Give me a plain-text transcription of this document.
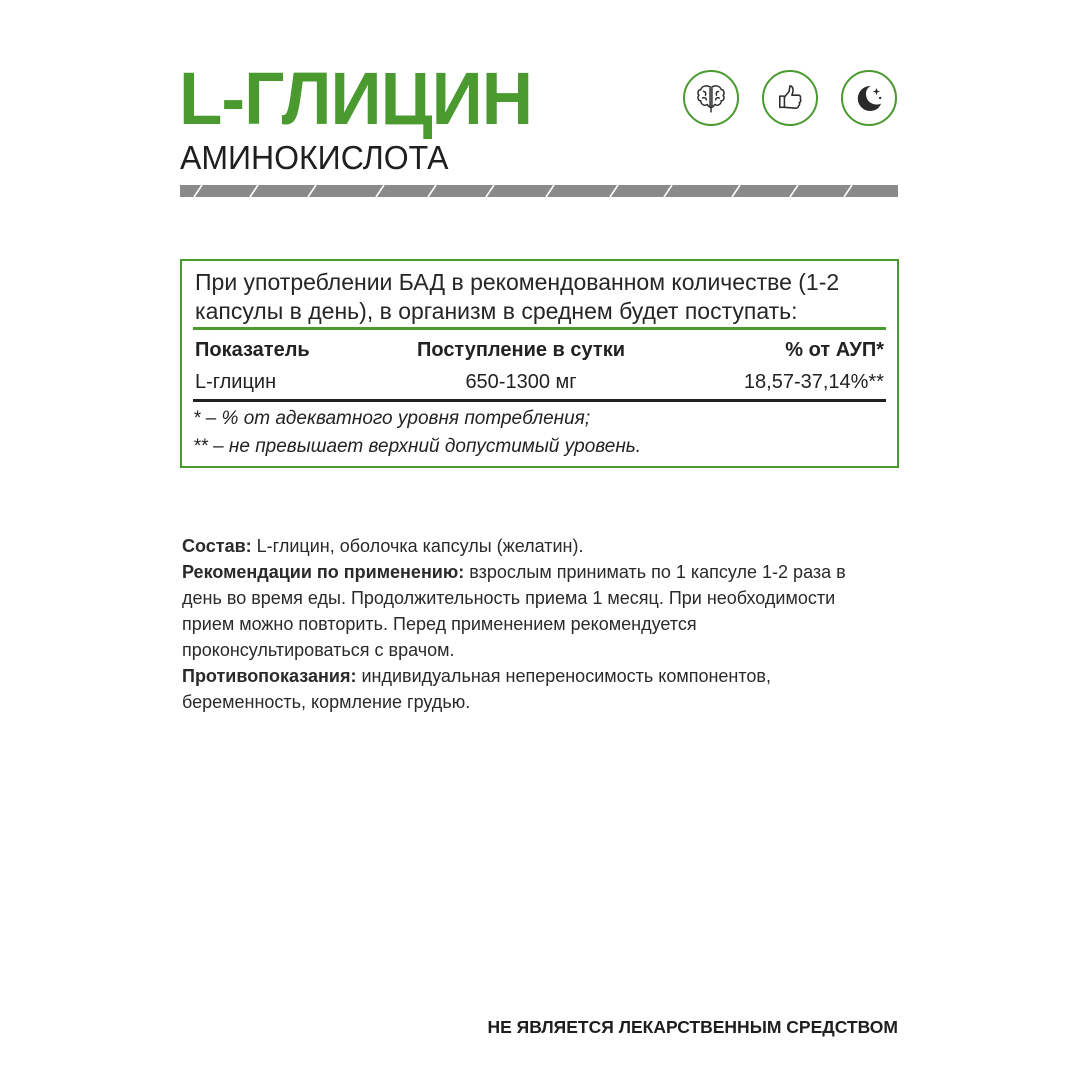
L-ГЛИЦИН

АМИНОКИСЛОТА

При употреблении БАД в рекомендованном количестве (1-2 капсулы в день), в организм в среднем будет поступать:

Показатель	Поступление в сутки	% от АУП*
L-глицин	650-1300 мг	18,57-37,14%**
* – % от адекватного уровня потребления;
** – не превышает верхний допустимый уровень.

Состав: L-глицин, оболочка капсулы (желатин).
Рекомендации по применению: взрослым принимать по 1 капсуле 1-2 раза в день во время еды. Продолжительность приема 1 месяц. При необходимости прием можно повторить. Перед применением рекомендуется проконсультироваться с врачом.
Противопоказания: индивидуальная непереносимость компонентов, беременность, кормление грудью.

НЕ ЯВЛЯЕТСЯ ЛЕКАРСТВЕННЫМ СРЕДСТВОМ
